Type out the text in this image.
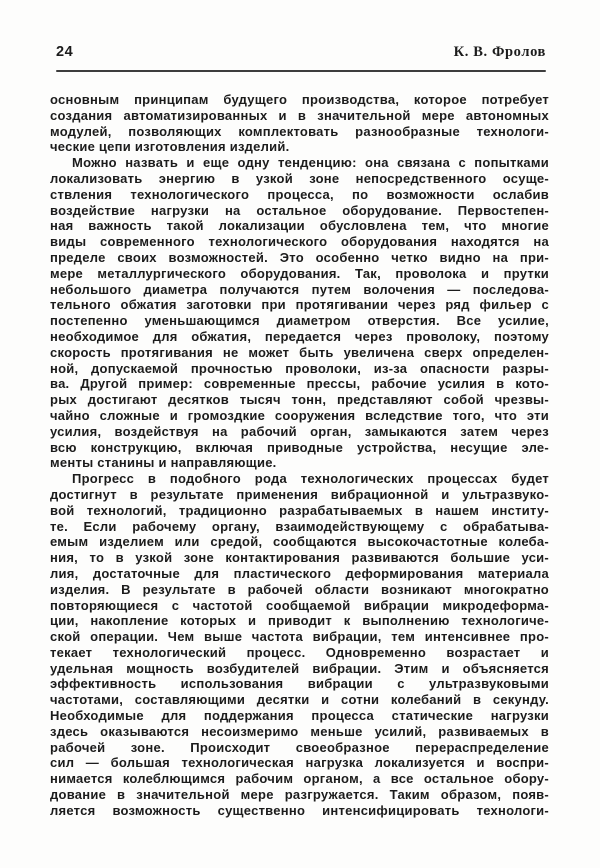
24	К. В. Фролов
основным принципам будущего производства, которое потребует
создания автоматизированных и в значительной мере автономных
модулей, позволяющих комплектовать разнообразные технологи-
ческие цепи изготовления изделий.
Можно назвать и еще одну тенденцию: она связана с попытками
локализовать энергию в узкой зоне непосредственного осуще-
ствления технологического процесса, по возможности ослабив
воздействие нагрузки на остальное оборудование. Первостепен-
ная важность такой локализации обусловлена тем, что многие
виды современного технологического оборудования находятся на
пределе своих возможностей. Это особенно четко видно на при-
мере металлургического оборудования. Так, проволока и прутки
небольшого диаметра получаются путем волочения — последова-
тельного обжатия заготовки при протягивании через ряд фильер с
постепенно уменьшающимся диаметром отверстия. Все усилие,
необходимое для обжатия, передается через проволоку, поэтому
скорость протягивания не может быть увеличена сверх определен-
ной, допускаемой прочностью проволоки, из-за опасности разры-
ва. Другой пример: современные прессы, рабочие усилия в кото-
рых достигают десятков тысяч тонн, представляют собой чрезвы-
чайно сложные и громоздкие сооружения вследствие того, что эти
усилия, воздействуя на рабочий орган, замыкаются затем через
всю конструкцию, включая приводные устройства, несущие эле-
менты станины и направляющие.
Прогресс в подобного рода технологических процессах будет
достигнут в результате применения вибрационной и ультразвуко-
вой технологий, традиционно разрабатываемых в нашем институ-
те. Если рабочему органу, взаимодействующему с обрабатыва-
емым изделием или средой, сообщаются высокочастотные колеба-
ния, то в узкой зоне контактирования развиваются большие уси-
лия, достаточные для пластического деформирования материала
изделия. В результате в рабочей области возникают многократно
повторяющиеся с частотой сообщаемой вибрации микродеформа-
ции, накопление которых и приводит к выполнению технологиче-
ской операции. Чем выше частота вибрации, тем интенсивнее про-
текает технологический процесс. Одновременно возрастает и
удельная мощность возбудителей вибрации. Этим и объясняется
эффективность использования вибрации с ультразвуковыми
частотами, составляющими десятки и сотни колебаний в секунду.
Необходимые для поддержания процесса статические нагрузки
здесь оказываются несоизмеримо меньше усилий, развиваемых в
рабочей зоне. Происходит своеобразное перераспределение
сил — большая технологическая нагрузка локализуется и воспри-
нимается колеблющимся рабочим органом, а все остальное обору-
дование в значительной мере разгружается. Таким образом, появ-
ляется возможность существенно интенсифицировать технологи-
